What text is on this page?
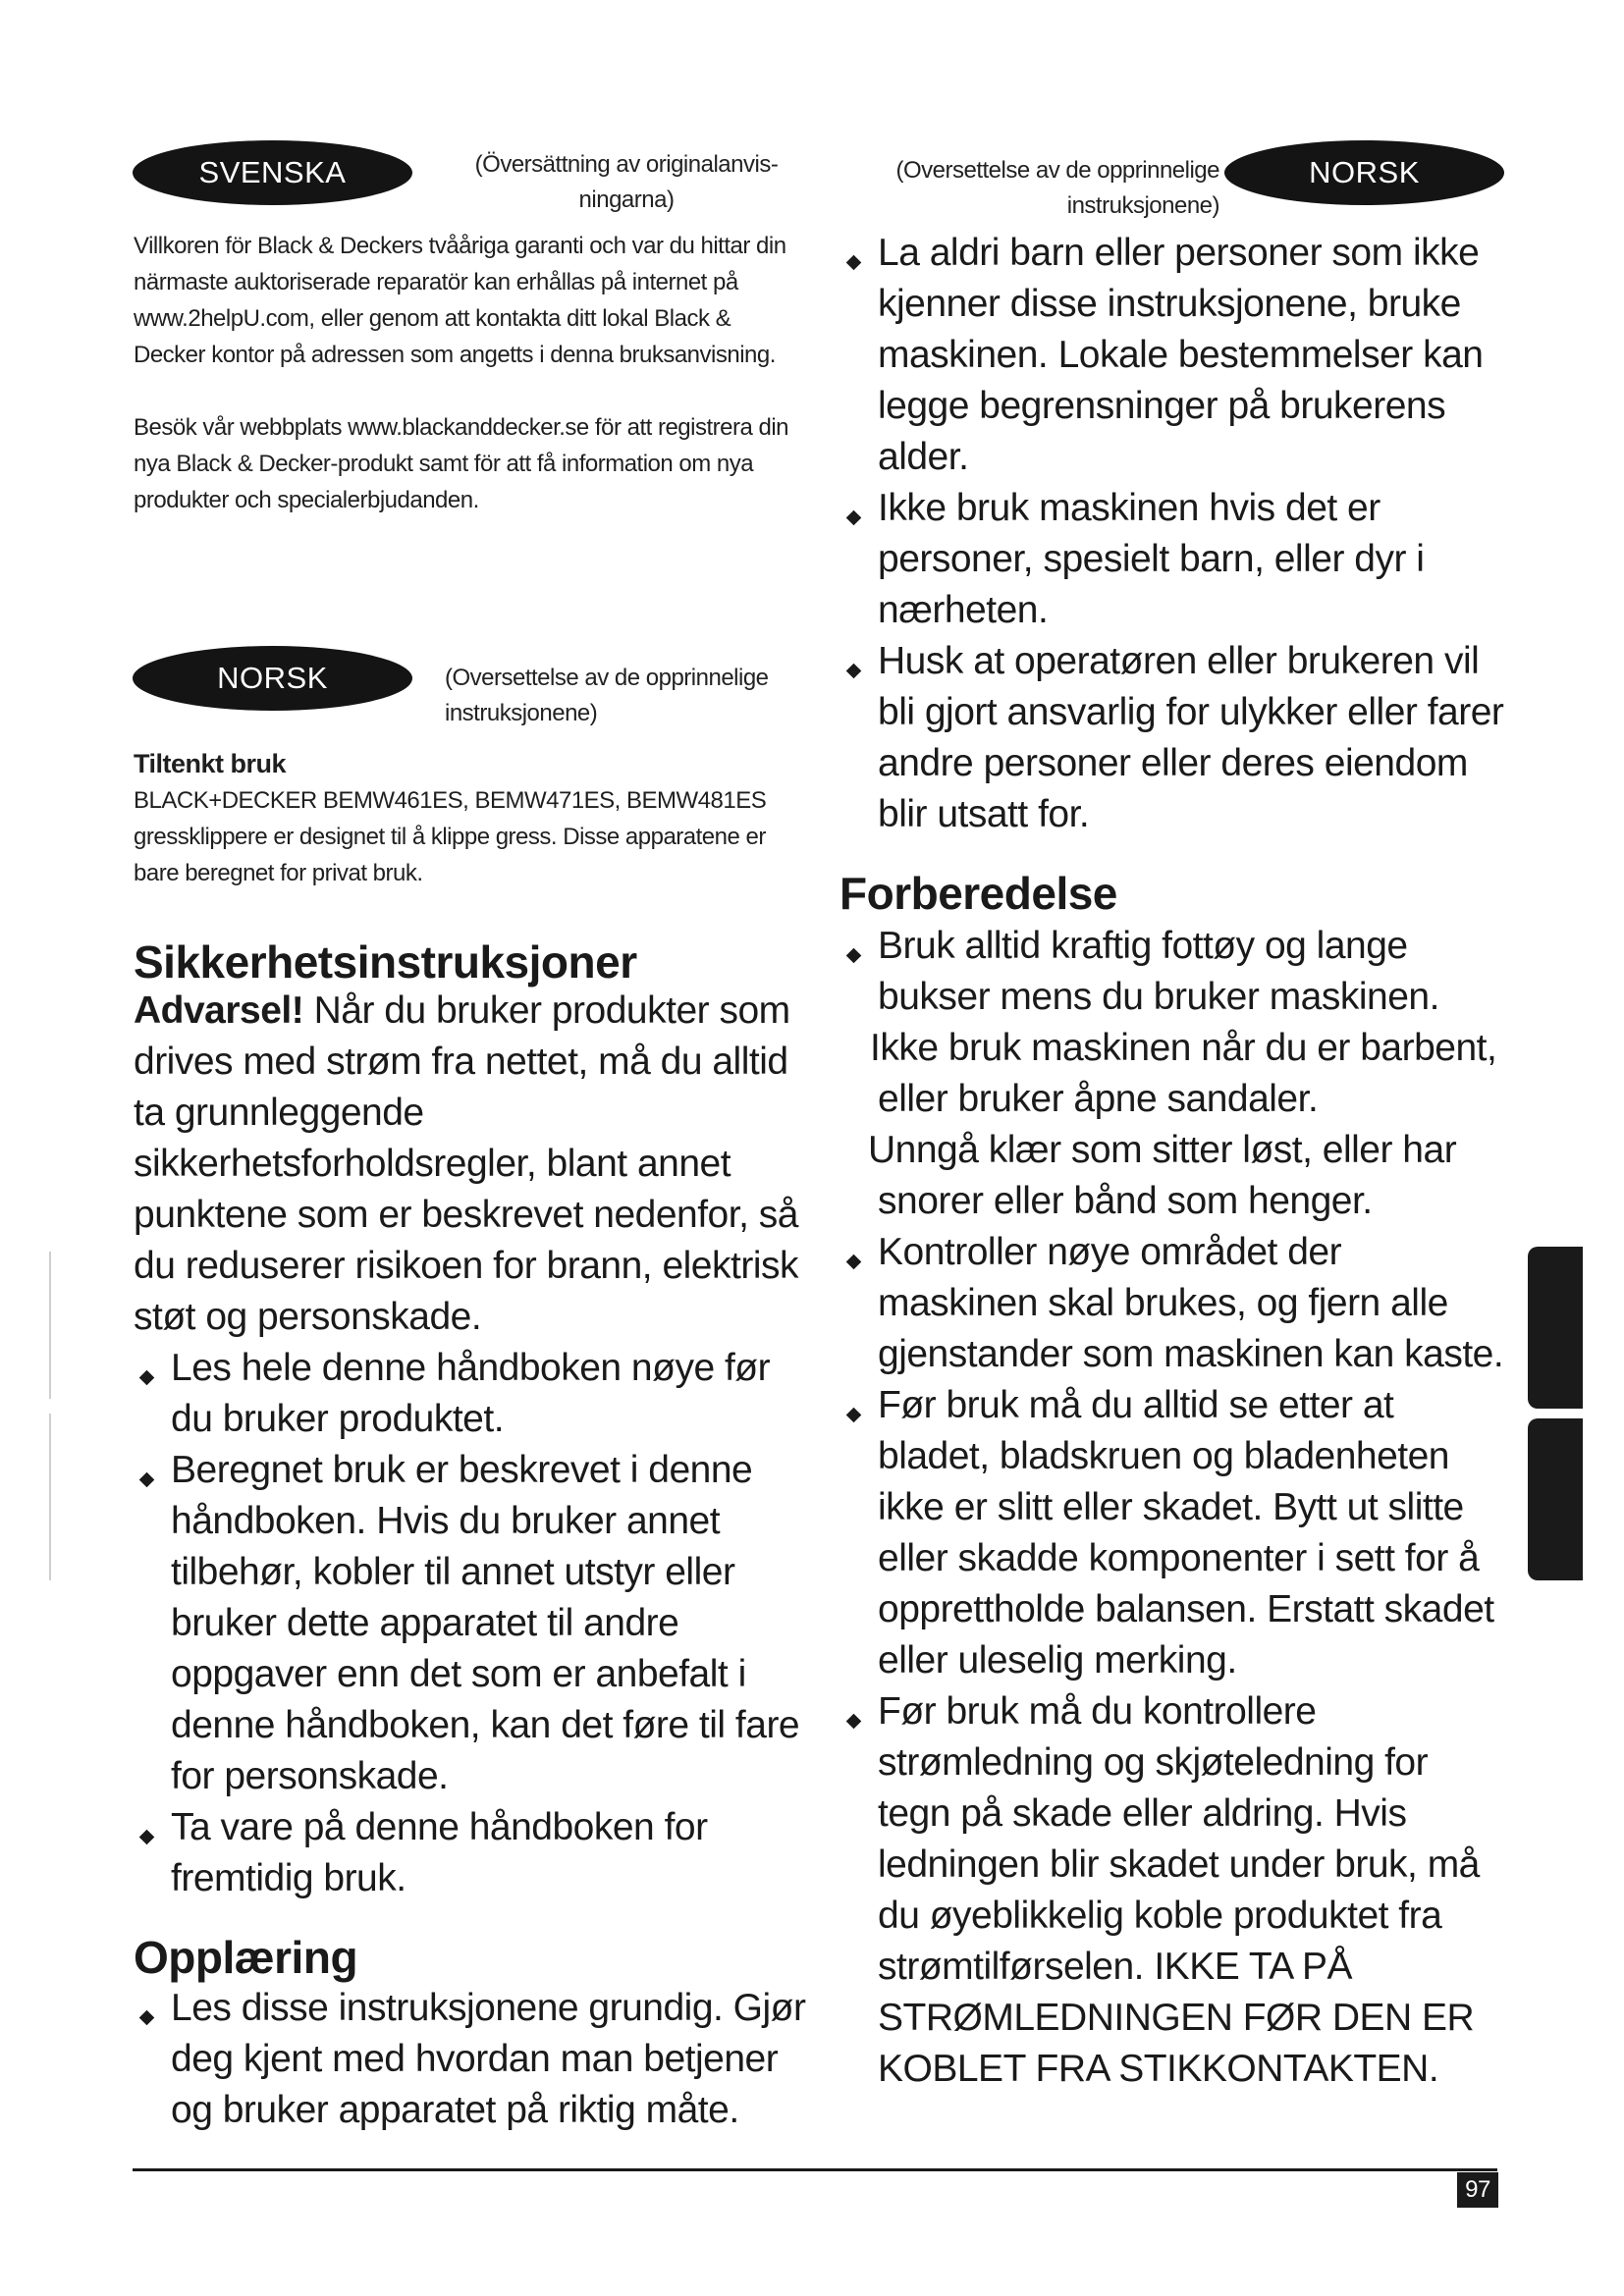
SVENSKA	(Översättning av originalanvis-
ningarna)

Villkoren för Black & Deckers tvååriga garanti och var du hittar din närmaste auktoriserade reparatör kan erhållas på internet på www.2helpU.com, eller genom att kontakta ditt lokal Black & Decker kontor på adressen som angetts i denna bruksanvisning.

Besök vår webbplats www.blackanddecker.se för att registrera din nya Black & Decker-produkt samt för att få information om nya produkter och specialerbjudanden.

NORSK	(Oversettelse av de opprinnelige
instruksjonene)

Tiltenkt bruk

BLACK+DECKER BEMW461ES, BEMW471ES, BEMW481ES gressklippere er designet til å klippe gress. Disse apparatene er bare beregnet for privat bruk.

Sikkerhetsinstruksjoner

Advarsel! Når du bruker produkter som drives med strøm fra nettet, må du alltid ta grunnleggende sikkerhetsforholdsregler, blant annet punktene som er beskrevet nedenfor, så du reduserer risikoen for brann, elektrisk støt og personskade.

Les hele denne håndboken nøye før du bruker produktet.
Beregnet bruk er beskrevet i denne håndboken. Hvis du bruker annet tilbehør, kobler til annet utstyr eller bruker dette apparatet til andre oppgaver enn det som er anbefalt i denne håndboken, kan det føre til fare for personskade.
Ta vare på denne håndboken for fremtidig bruk.
Opplæring
Les disse instruksjonene grundig. Gjør deg kjent med hvordan man betjener og bruker apparatet på riktig måte.
(Oversettelse av de opprinnelige
instruksjonene)
NORSK
La aldri barn eller personer som ikke kjenner disse instruksjonene, bruke maskinen. Lokale bestemmelser kan legge begrensninger på brukerens alder.
Ikke bruk maskinen hvis det er personer, spesielt barn, eller dyr i nærheten.
Husk at operatøren eller brukeren vil bli gjort ansvarlig for ulykker eller farer andre personer eller deres eiendom blir utsatt for.
Forberedelse
Bruk alltid kraftig fottøy og lange bukser mens du bruker maskinen.
Ikke bruk maskinen når du er barbent,
eller bruker åpne sandaler.
Unngå klær som sitter løst, eller har
snorer eller bånd som henger.
Kontroller nøye området der maskinen skal brukes, og fjern alle gjenstander som maskinen kan kaste.
Før bruk må du alltid se etter at bladet, bladskruen og bladenheten ikke er slitt eller skadet. Bytt ut slitte eller skadde komponenter i sett for å opprettholde balansen. Erstatt skadet eller uleselig merking.
Før bruk må du kontrollere strømledning og skjøteledning for tegn på skade eller aldring. Hvis ledningen blir skadet under bruk, må du øyeblikkelig koble produktet fra strømtilførselen. IKKE TA PÅ STRØMLEDNINGEN FØR DEN ER KOBLET FRA STIKKONTAKTEN.
97
